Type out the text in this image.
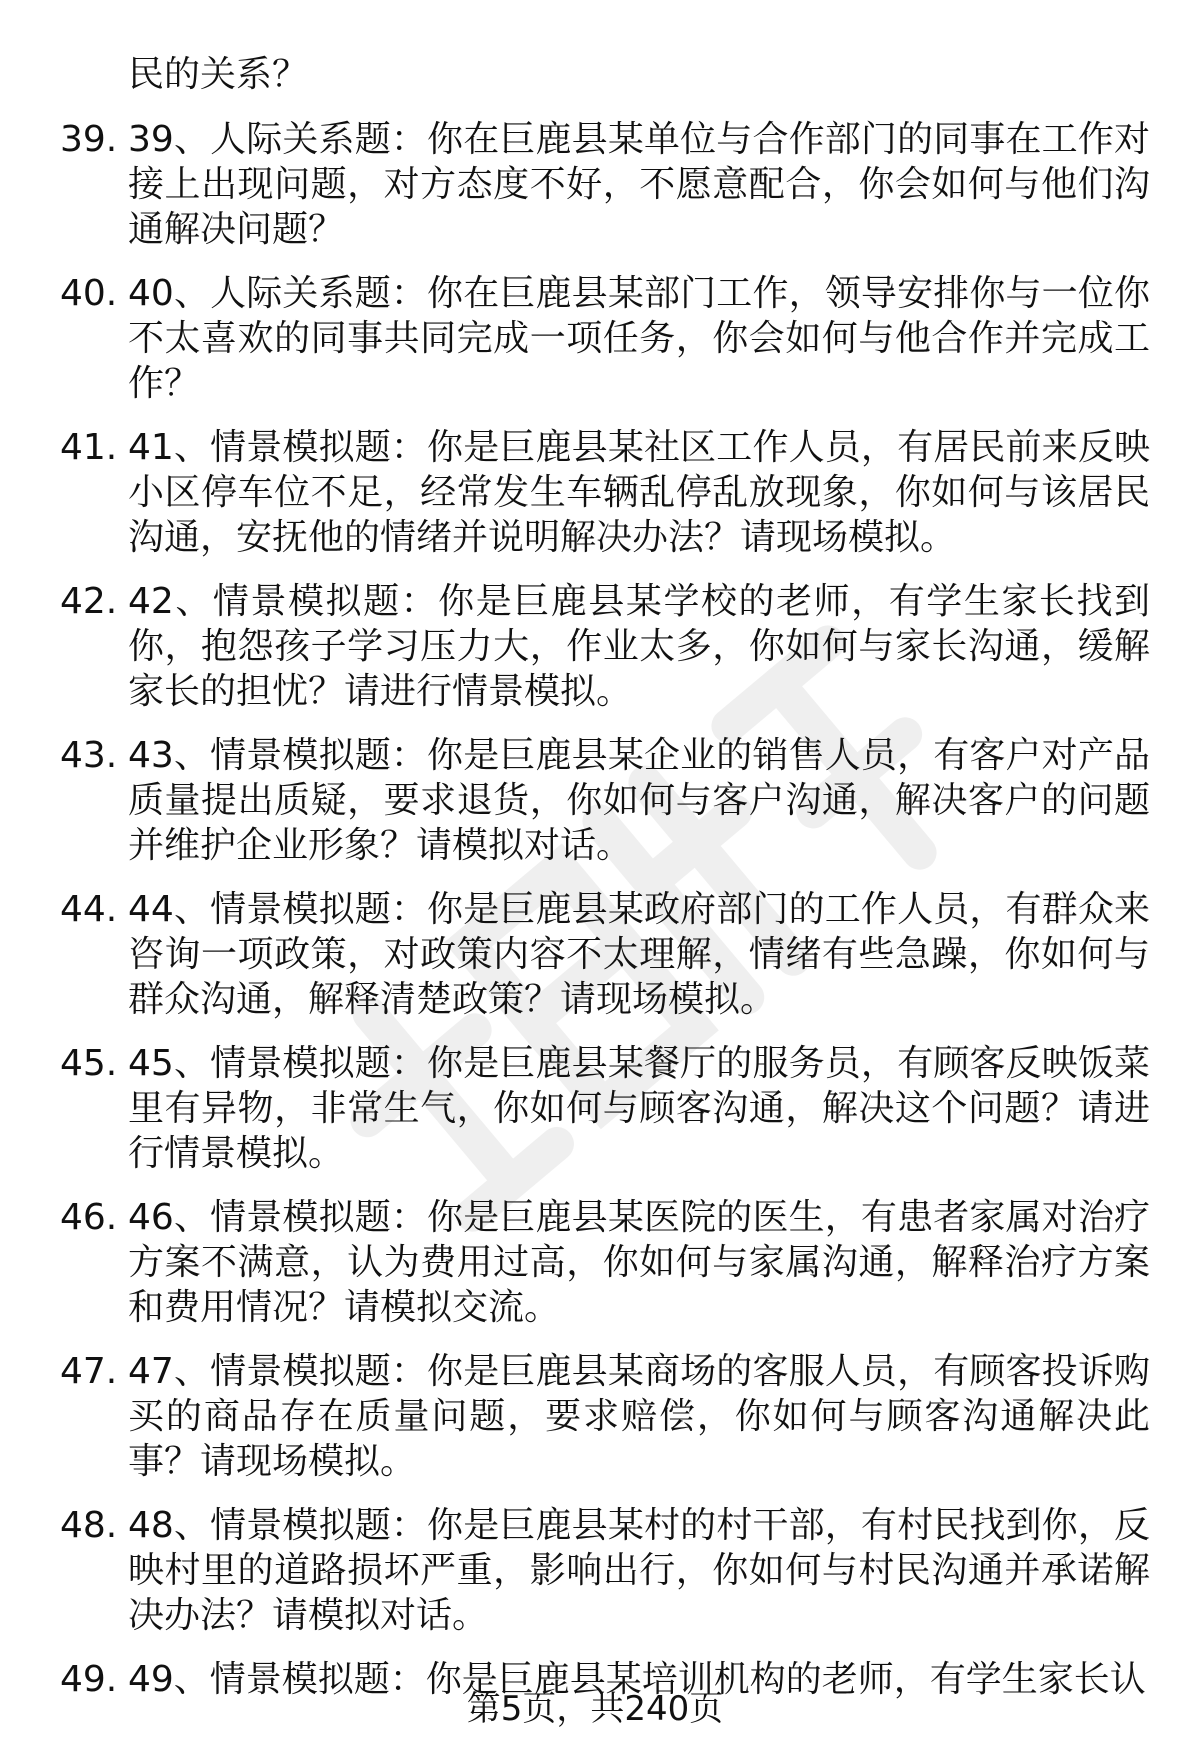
民的关系？
39. 39、人际关系题：你在巨鹿县某单位与合作部门的同事在工作对接上出现问题，对方态度不好，不愿意配合，你会如何与他们沟通解决问题？
40. 40、人际关系题：你在巨鹿县某部门工作，领导安排你与一位你不太喜欢的同事共同完成一项任务，你会如何与他合作并完成工作？
41. 41、情景模拟题：你是巨鹿县某社区工作人员，有居民前来反映小区停车位不足，经常发生车辆乱停乱放现象，你如何与该居民沟通，安抚他的情绪并说明解决办法？请现场模拟。
42. 42、情景模拟题：你是巨鹿县某学校的老师，有学生家长找到你，抱怨孩子学习压力大，作业太多，你如何与家长沟通，缓解家长的担忧？请进行情景模拟。
43. 43、情景模拟题：你是巨鹿县某企业的销售人员，有客户对产品质量提出质疑，要求退货，你如何与客户沟通，解决客户的问题并维护企业形象？请模拟对话。
44. 44、情景模拟题：你是巨鹿县某政府部门的工作人员，有群众来咨询一项政策，对政策内容不太理解，情绪有些急躁，你如何与群众沟通，解释清楚政策？请现场模拟。
45. 45、情景模拟题：你是巨鹿县某餐厅的服务员，有顾客反映饭菜里有异物，非常生气，你如何与顾客沟通，解决这个问题？请进行情景模拟。
46. 46、情景模拟题：你是巨鹿县某医院的医生，有患者家属对治疗方案不满意，认为费用过高，你如何与家属沟通，解释治疗方案和费用情况？请模拟交流。
47. 47、情景模拟题：你是巨鹿县某商场的客服人员，有顾客投诉购买的商品存在质量问题，要求赔偿，你如何与顾客沟通解决此事？请现场模拟。
48. 48、情景模拟题：你是巨鹿县某村的村干部，有村民找到你，反映村里的道路损坏严重，影响出行，你如何与村民沟通并承诺解决办法？请模拟对话。
49. 49、情景模拟题：你是巨鹿县某培训机构的老师，有学生家长认
第5页，共240页
